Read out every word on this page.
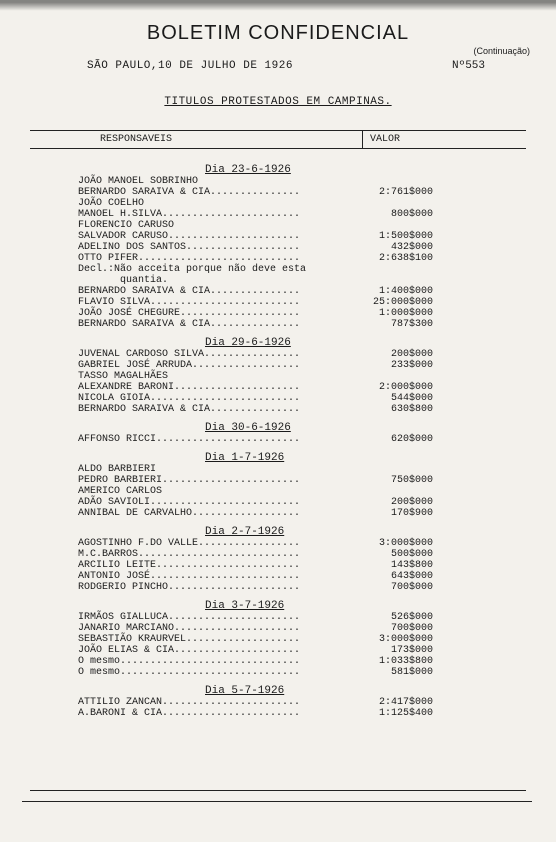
BOLETIM CONFIDENCIAL
(Continuação)
SÃO PAULO,10 DE JULHO DE 1926	Nº553
TITULOS PROTESTADOS EM CAMPINAS.
RESPONSAVEIS	VALOR
Dia 23-6-1926
JOÃO MANOEL SOBRINHO
BERNARDO SARAIVA & CIA...............	2:761$000
JOÃO COELHO
MANOEL H.SILVA.......................	800$000
FLORENCIO CARUSO
SALVADOR CARUSO......................	1:500$000
ADELINO DOS SANTOS...................	432$000
OTTO PIFER...........................	2:638$100
Decl.:Não acceita porque não deve esta
quantia.
BERNARDO SARAIVA & CIA...............	1:400$000
FLAVIO SILVA.........................	25:000$000
JOÃO JOSÉ CHEGURE....................	1:000$000
BERNARDO SARAIVA & CIA...............	787$300
Dia 29-6-1926
JUVENAL CARDOSO SILVA................	200$000
GABRIEL JOSÉ ARRUDA..................	233$000
TASSO MAGALHÃES
ALEXANDRE BARONI.....................	2:000$000
NICOLA GIOIA.........................	544$000
BERNARDO SARAIVA & CIA...............	630$800
Dia 30-6-1926
AFFONSO RICCI........................	620$000
Dia 1-7-1926
ALDO BARBIERI
PEDRO BARBIERI.......................	750$000
AMERICO CARLOS
ADÃO SAVIOLI.........................	200$000
ANNIBAL DE CARVALHO..................	170$900
Dia 2-7-1926
AGOSTINHO F.DO VALLE.................	3:000$000
M.C.BARROS...........................	500$000
ARCILIO LEITE........................	143$800
ANTONIO JOSÉ.........................	643$000
RODGERIO PINCHO......................	700$000
Dia 3-7-1926
IRMÃOS GIALLUCA......................	526$000
JANARIO MARCIANO.....................	700$000
SEBASTIÃO KRAURVEL...................	3:000$000
JOÃO ELIAS & CIA.....................	173$000
O mesmo..............................	1:033$800
O mesmo..............................	581$000
Dia 5-7-1926
ATTILIO ZANCAN.......................	2:417$000
A.BARONI & CIA.......................	1:125$400
